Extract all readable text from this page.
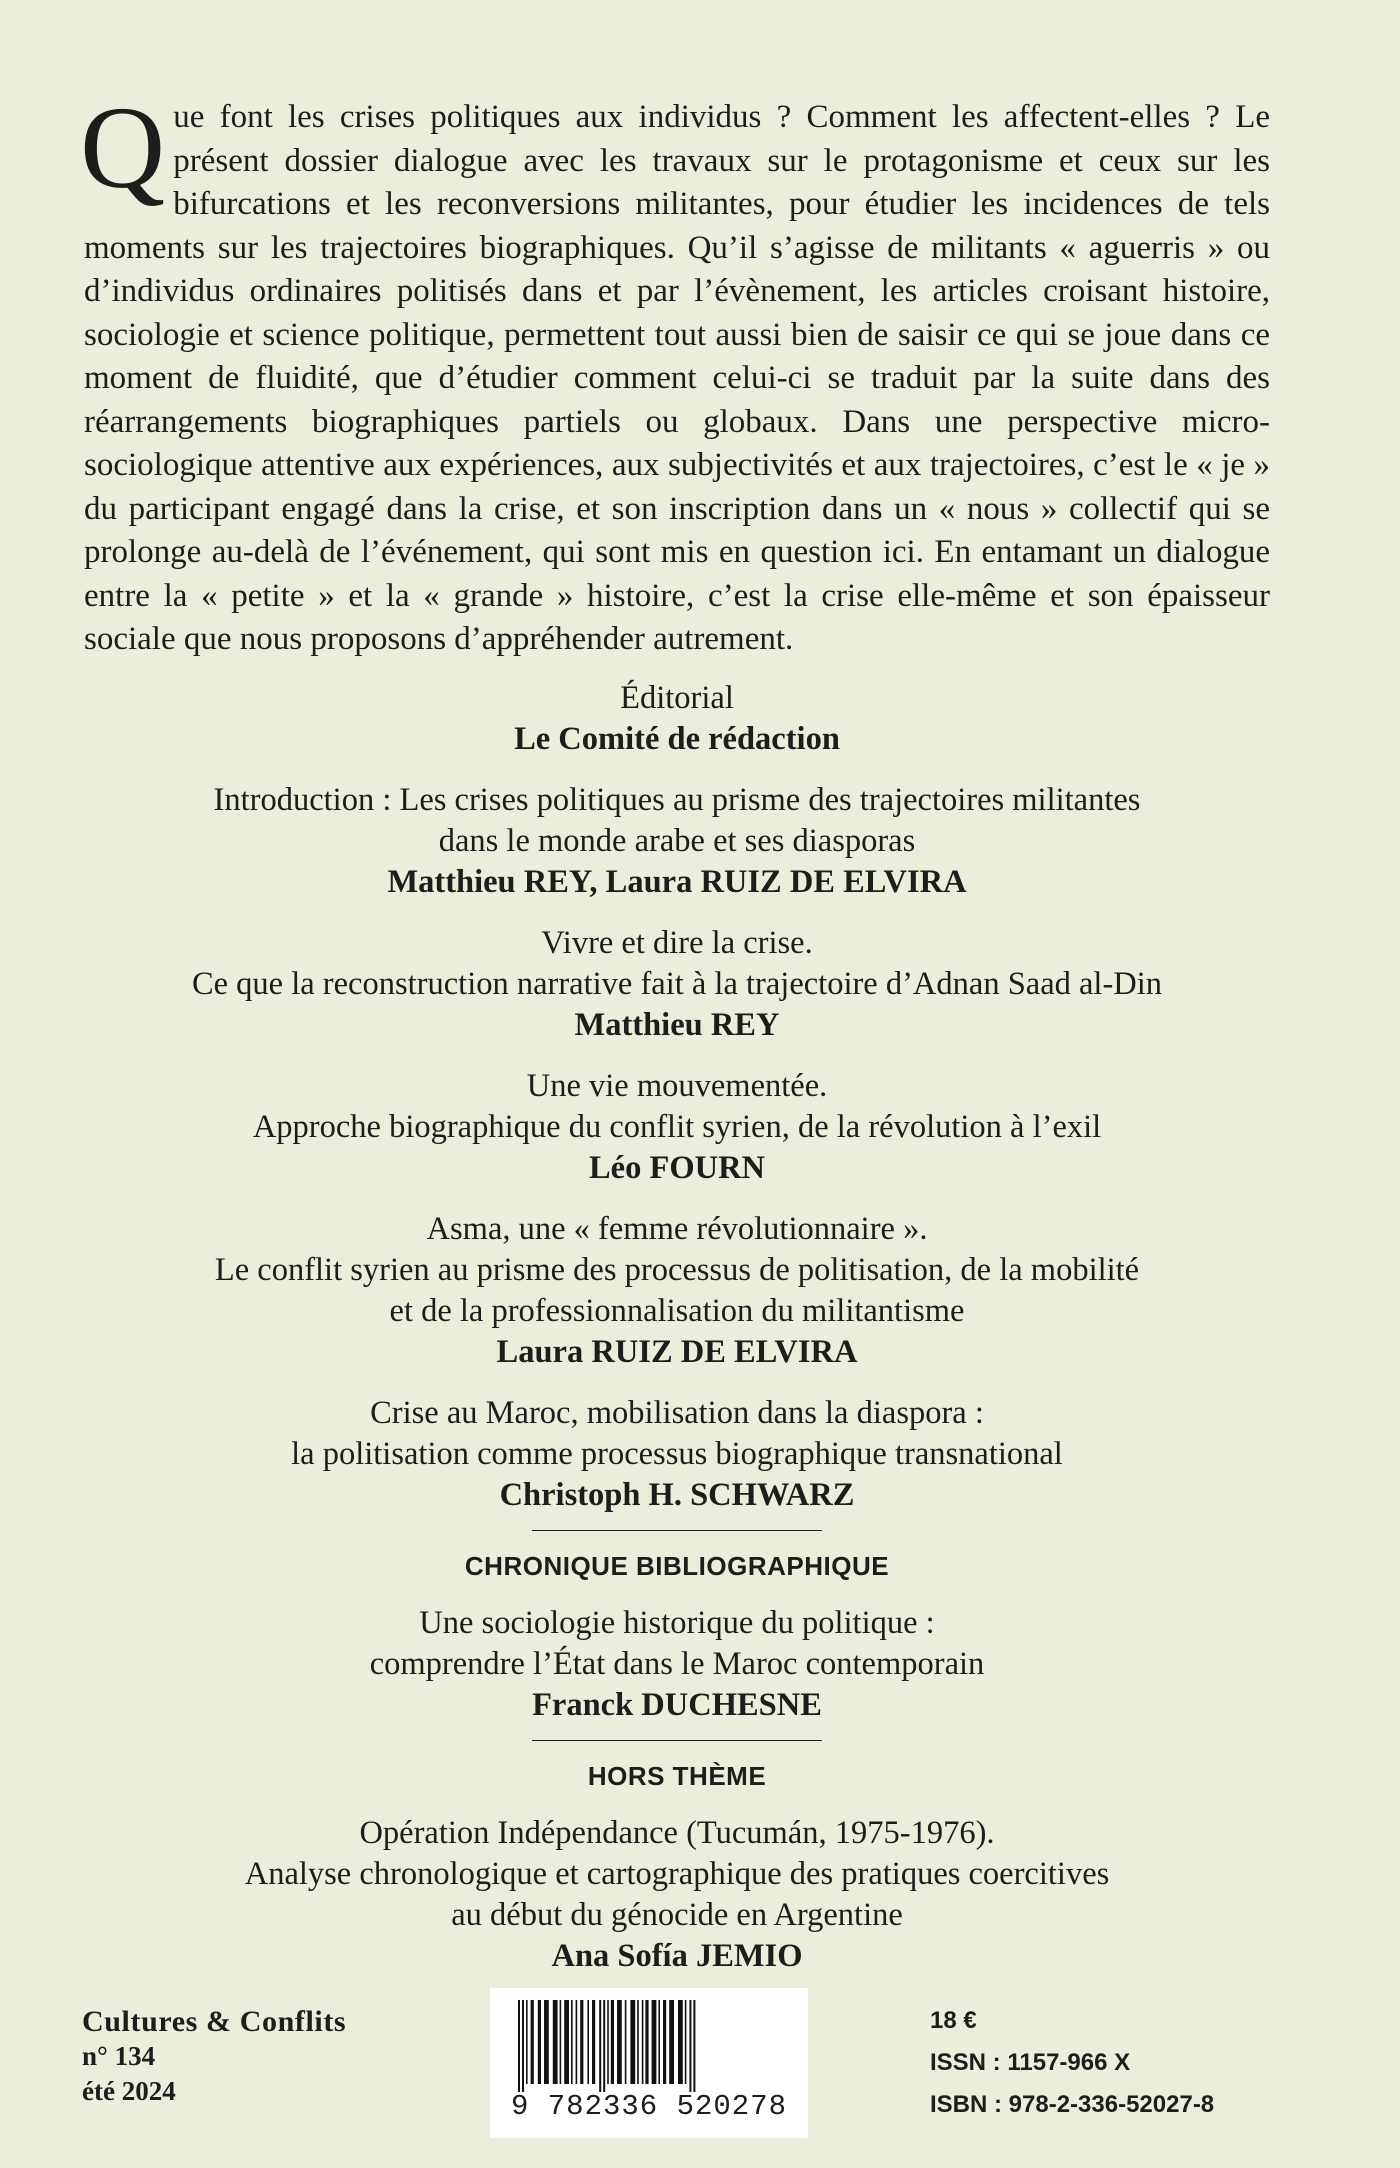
Que font les crises politiques aux individus ? Comment les affectent-elles ? Le présent dossier dialogue avec les travaux sur le protagonisme et ceux sur les bifurcations et les reconversions militantes, pour étudier les incidences de tels moments sur les trajectoires biographiques. Qu’il s’agisse de militants « aguerris » ou d’individus ordinaires politisés dans et par l’évènement, les articles croisant histoire, sociologie et science politique, permettent tout aussi bien de saisir ce qui se joue dans ce moment de fluidité, que d’étudier comment celui-ci se traduit par la suite dans des réarrangements biographiques partiels ou globaux. Dans une perspective micro-sociologique attentive aux expériences, aux subjectivités et aux trajectoires, c’est le « je » du participant engagé dans la crise, et son inscription dans un « nous » collectif qui se prolonge au-delà de l’événement, qui sont mis en question ici. En entamant un dialogue entre la « petite » et la « grande » histoire, c’est la crise elle-même et son épaisseur sociale que nous proposons d’appréhender autrement.
Éditorial
Le Comité de rédaction
Introduction : Les crises politiques au prisme des trajectoires militantes
dans le monde arabe et ses diasporas
Matthieu REY, Laura RUIZ DE ELVIRA
Vivre et dire la crise.
Ce que la reconstruction narrative fait à la trajectoire d’Adnan Saad al-Din
Matthieu REY
Une vie mouvementée.
Approche biographique du conflit syrien, de la révolution à l’exil
Léo FOURN
Asma, une « femme révolutionnaire ».
Le conflit syrien au prisme des processus de politisation, de la mobilité
et de la professionnalisation du militantisme
Laura RUIZ DE ELVIRA
Crise au Maroc, mobilisation dans la diaspora :
la politisation comme processus biographique transnational
Christoph H. SCHWARZ
CHRONIQUE BIBLIOGRAPHIQUE
Une sociologie historique du politique :
comprendre l’État dans le Maroc contemporain
Franck DUCHESNE
HORS THÈME
Opération Indépendance (Tucumán, 1975-1976).
Analyse chronologique et cartographique des pratiques coercitives
au début du génocide en Argentine
Ana Sofía JEMIO
Cultures & Conflits
n° 134
été 2024	9 782336 520278
18 €
ISSN : 1157-966 X
ISBN : 978-2-336-52027-8
